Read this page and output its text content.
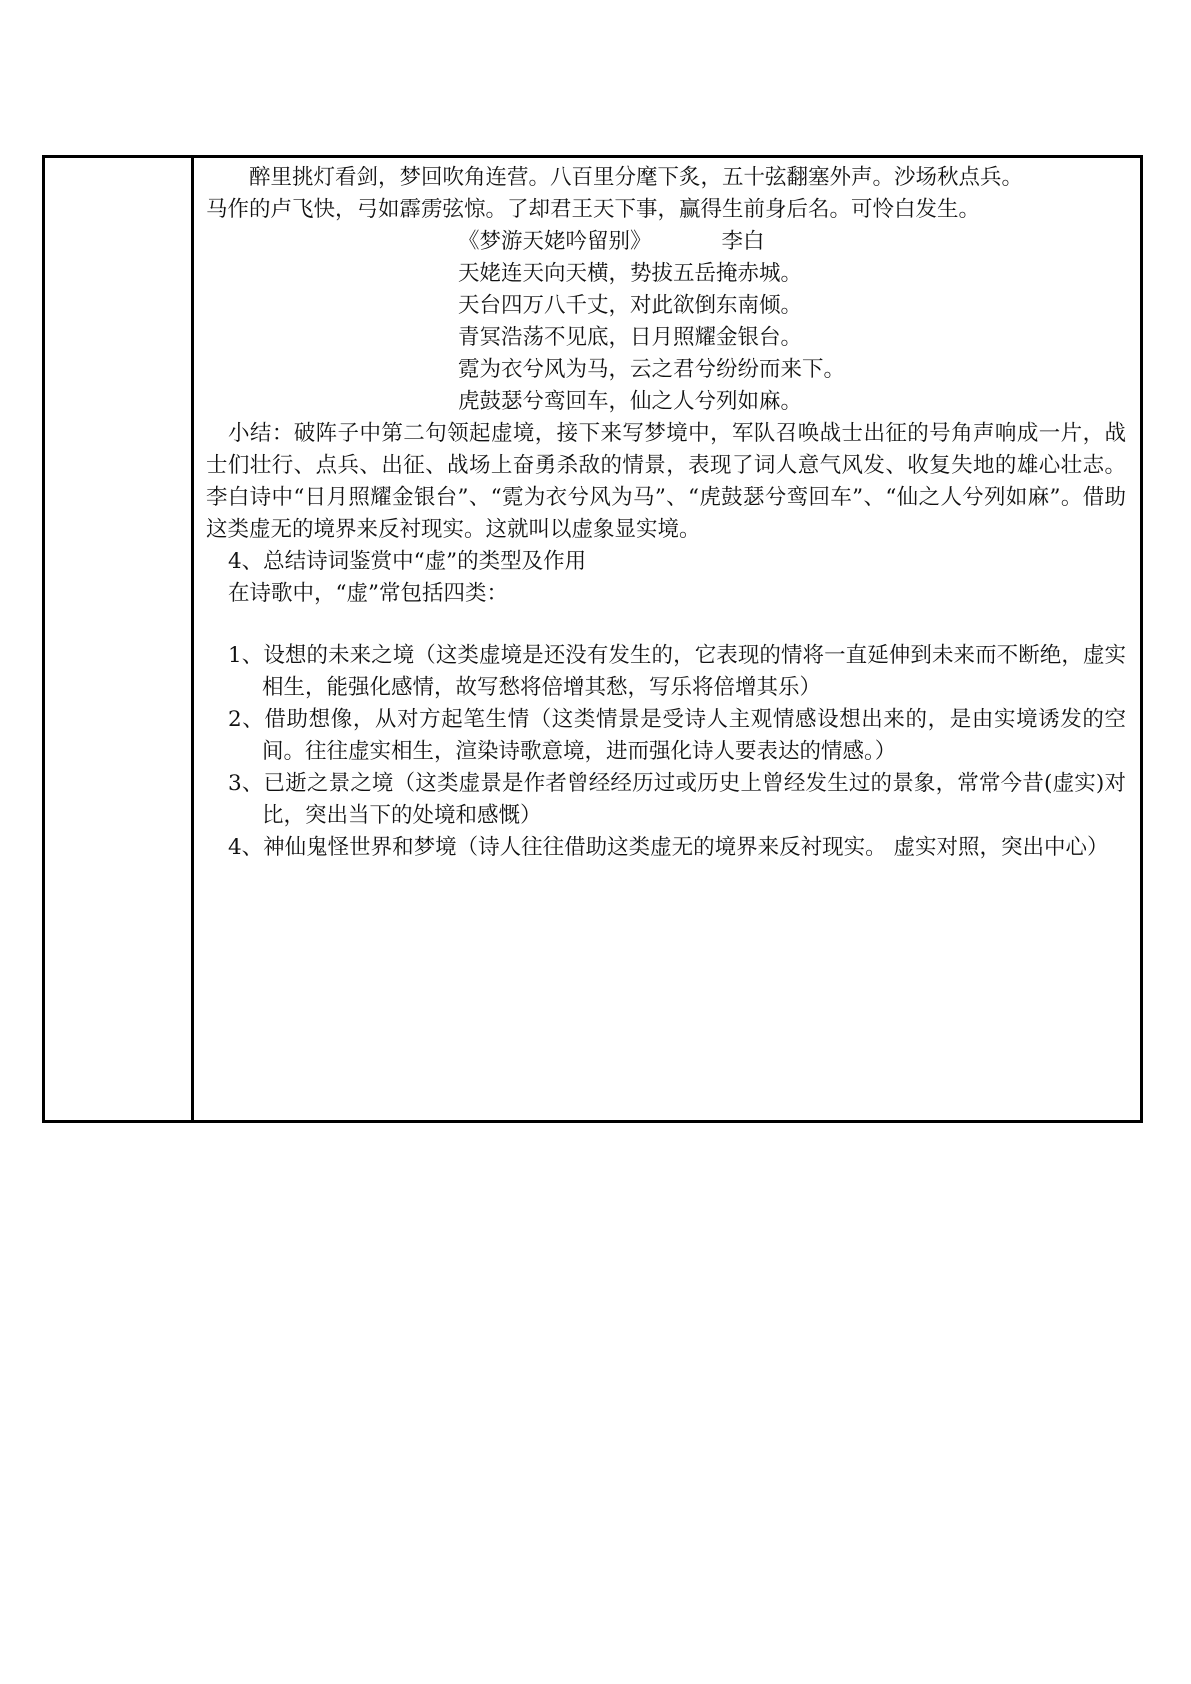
醉里挑灯看剑，梦回吹角连营。八百里分麾下炙，五十弦翻塞外声。沙场秋点兵。

马作的卢飞快，弓如霹雳弦惊。了却君王天下事，赢得生前身后名。可怜白发生。

《梦游天姥吟留别》	李白

天姥连天向天横，势拔五岳掩赤城。

天台四万八千丈，对此欲倒东南倾。

青冥浩荡不见底，日月照耀金银台。

霓为衣兮风为马，云之君兮纷纷而来下。

虎鼓瑟兮鸾回车，仙之人兮列如麻。

小结：破阵子中第二句领起虚境，接下来写梦境中，军队召唤战士出征的号角声响成一片，战士们壮行、点兵、出征、战场上奋勇杀敌的情景，表现了词人意气风发、收复失地的雄心壮志。李白诗中“日月照耀金银台”、“霓为衣兮风为马”、“虎鼓瑟兮鸾回车”、“仙之人兮列如麻”。借助这类虚无的境界来反衬现实。这就叫以虚象显实境。

4、总结诗词鉴赏中“虚”的类型及作用

在诗歌中，“虚”常包括四类：

1、设想的未来之境（这类虚境是还没有发生的，它表现的情将一直延伸到未来而不断绝，虚实相生，能强化感情，故写愁将倍增其愁，写乐将倍增其乐）

2、借助想像，从对方起笔生情（这类情景是受诗人主观情感设想出来的，是由实境诱发的空间。往往虚实相生，渲染诗歌意境，进而强化诗人要表达的情感。）

3、已逝之景之境（这类虚景是作者曾经经历过或历史上曾经发生过的景象，常常今昔(虚实)对比，突出当下的处境和感慨）

4、神仙鬼怪世界和梦境（诗人往往借助这类虚无的境界来反衬现实。 虚实对照，突出中心）
